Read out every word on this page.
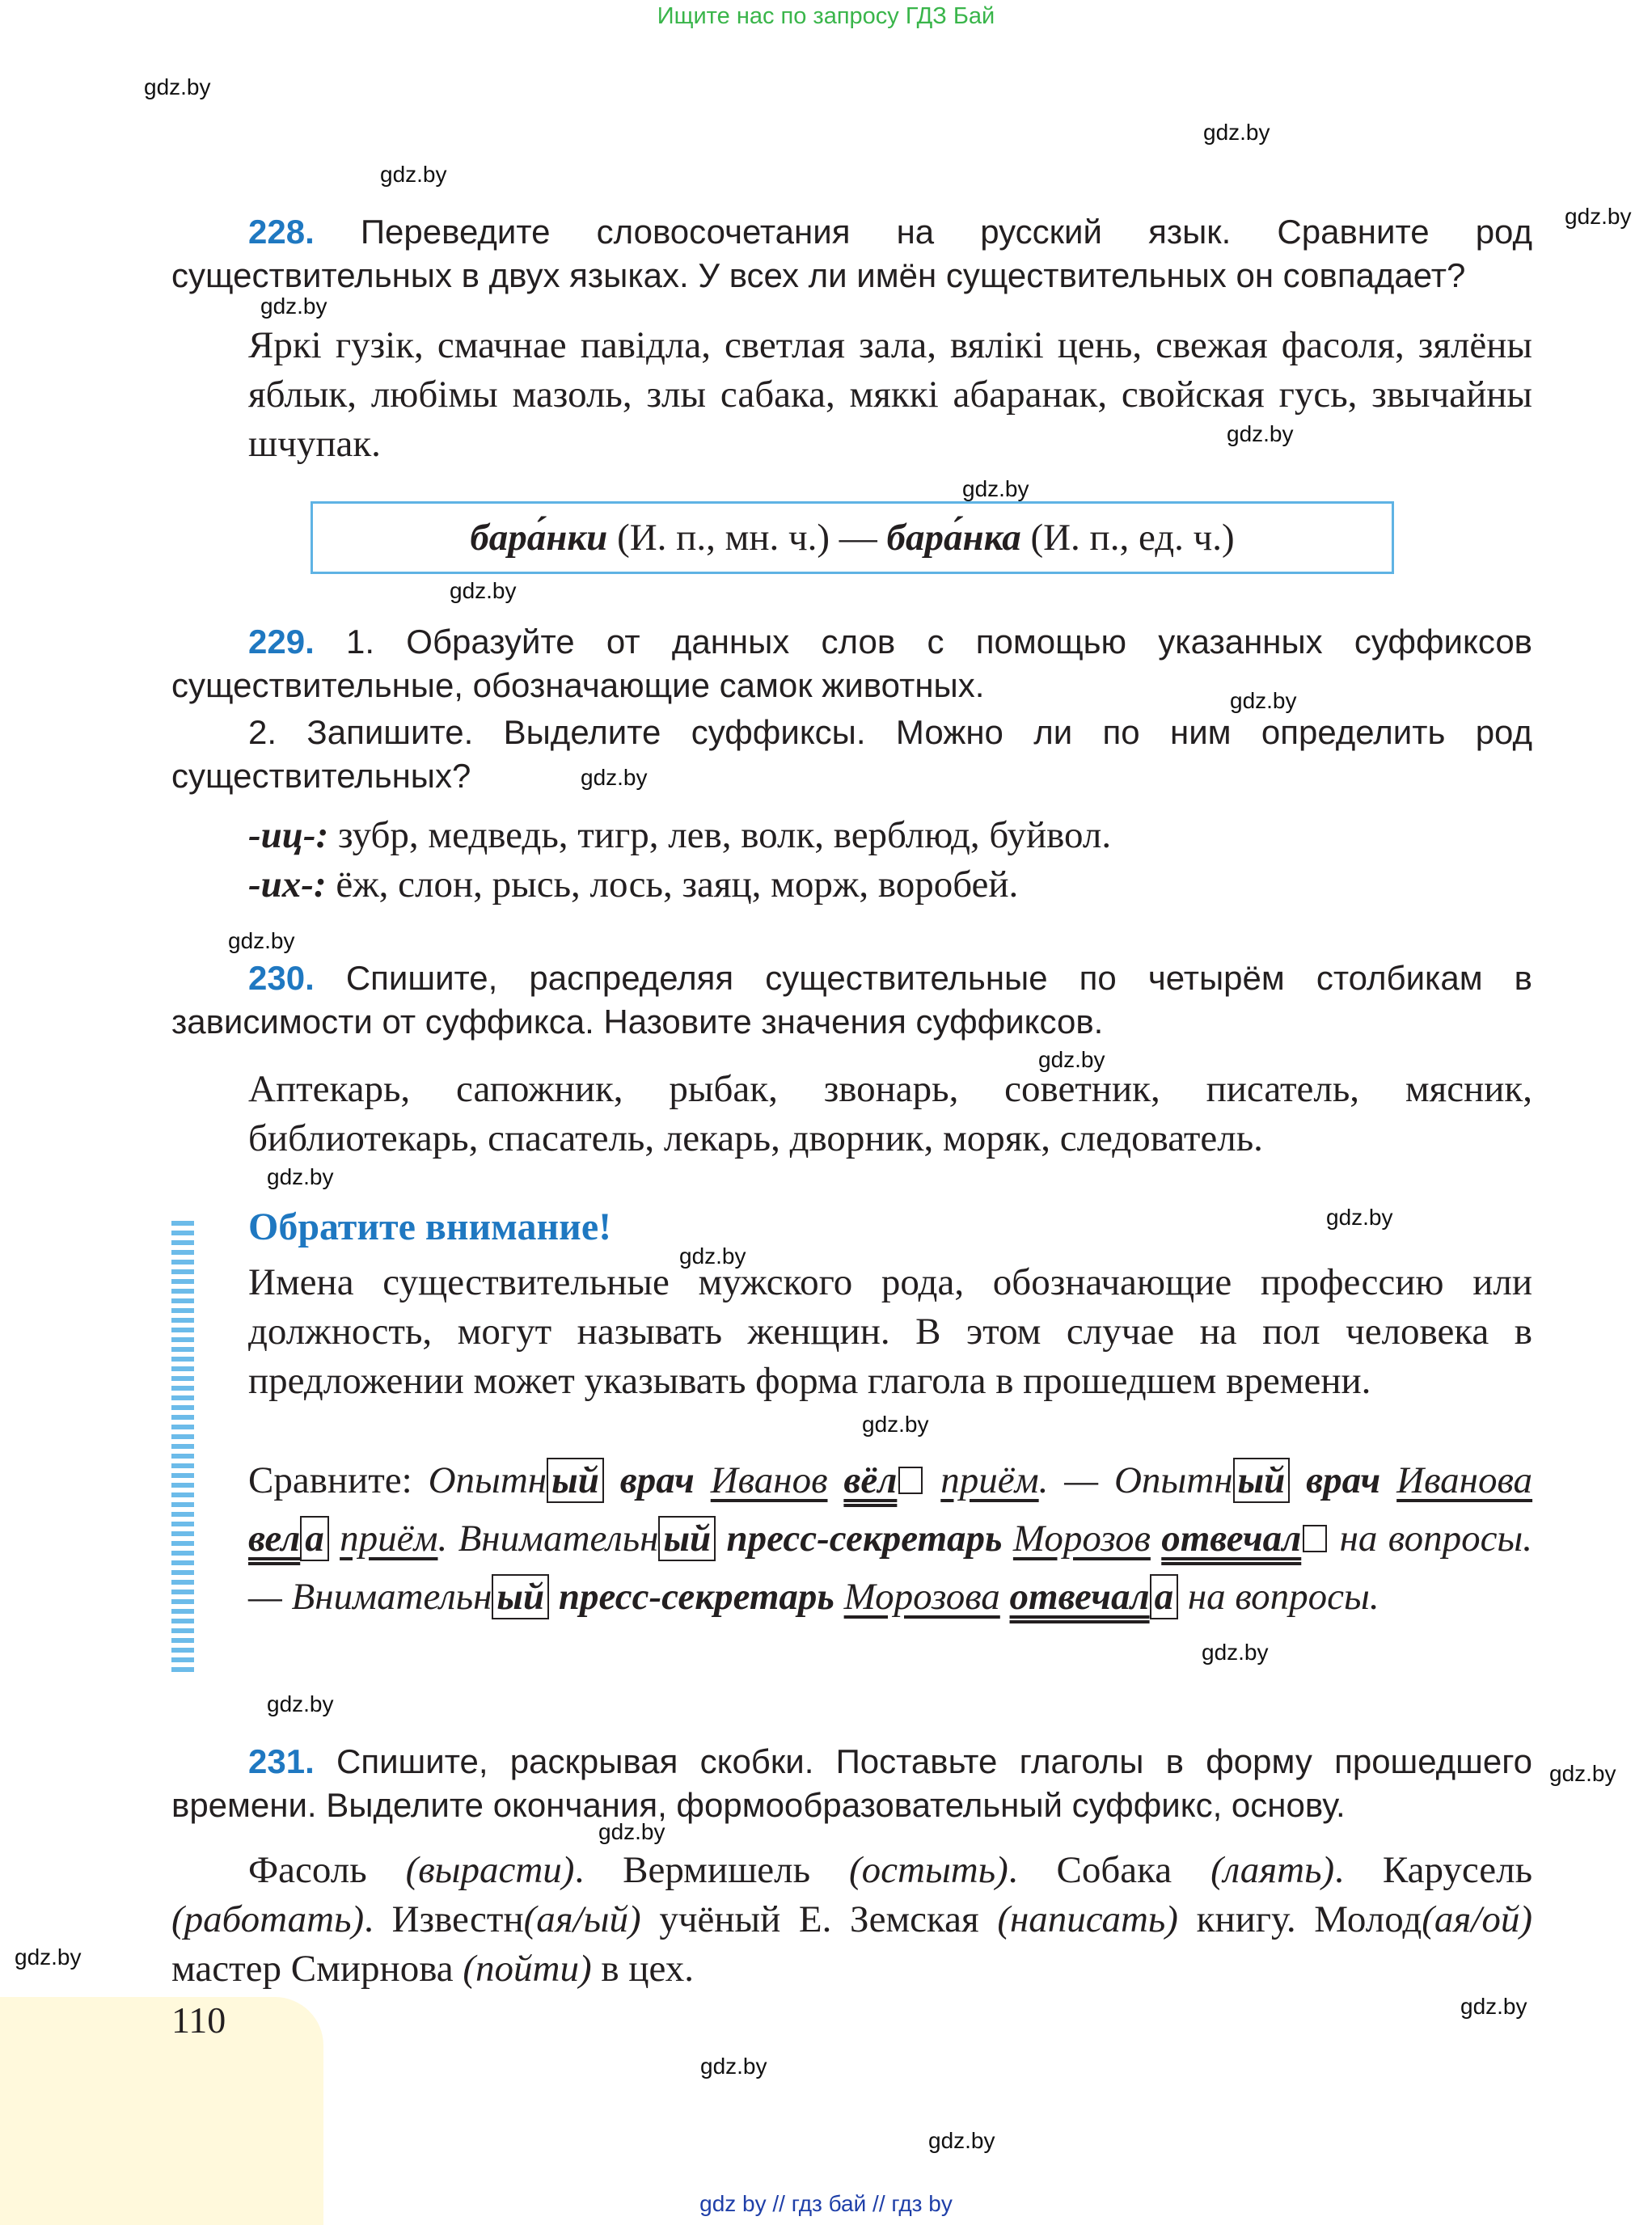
Ищите нас по запросу ГДЗ Бай
gdz.by
gdz.by
gdz.by
gdz.by
gdz.by
gdz.by
gdz.by
gdz.by
gdz.by
gdz.by
gdz.by
gdz.by
gdz.by
gdz.by
gdz.by
gdz.by
gdz.by
gdz.by
gdz.by
gdz.by
gdz.by
gdz.by
gdz.by
gdz.by

228. Переведите словосочетания на русский язык. Сравните род существительных в двух языках. У всех ли имён существительных он совпадает?

Яркі гузік, смачнае павідла, светлая зала, вялікі цень, свежая фасоля, зялёны яблык, любімы мазоль, злы сабака, мяккі абаранак, свойская гусь, звычайны шчупак.

бара́нки (И. п., мн. ч.) — бара́нка (И. п., ед. ч.)

229. 1. Образуйте от данных слов с помощью указанных суффиксов существительные, обозначающие самок животных.

2. Запишите. Выделите суффиксы. Можно ли по ним определить род существительных?

-иц-: зубр, медведь, тигр, лев, волк, верблюд, буйвол.

-их-: ёж, слон, рысь, лось, заяц, морж, воробей.

230. Спишите, распределяя существительные по четырём столбикам в зависимости от суффикса. Назовите значения суффиксов.

Аптекарь, сапожник, рыбак, звонарь, советник, писатель, мясник, библиотекарь, спасатель, лекарь, дворник, моряк, следователь.

Обратите внимание!

Имена существительные мужского рода, обозначающие профессию или должность, могут называть женщин. В этом случае на пол человека в предложении может указывать форма глагола в прошедшем времени.

Сравните: Опытн ый врач Иванов вёл приём. — Опытн ый врач Иванова вел а приём. Внимательн ый пресс-секретарь Морозов отвечал на вопросы. — Внимательн ый пресс-секретарь Морозова отвечал а на вопросы.

231. Спишите, раскрывая скобки. Поставьте глаголы в форму прошедшего времени. Выделите окончания, формообразовательный суффикс, основу.

Фасоль (вырасти). Вермишель (остыть). Собака (лаять). Карусель (работать). Известн(ая/ый) учёный Е. Земская (написать) книгу. Молод(ая/ой) мастер Смирнова (пойти) в цех.

110
gdz by // гдз бай // гдз by
